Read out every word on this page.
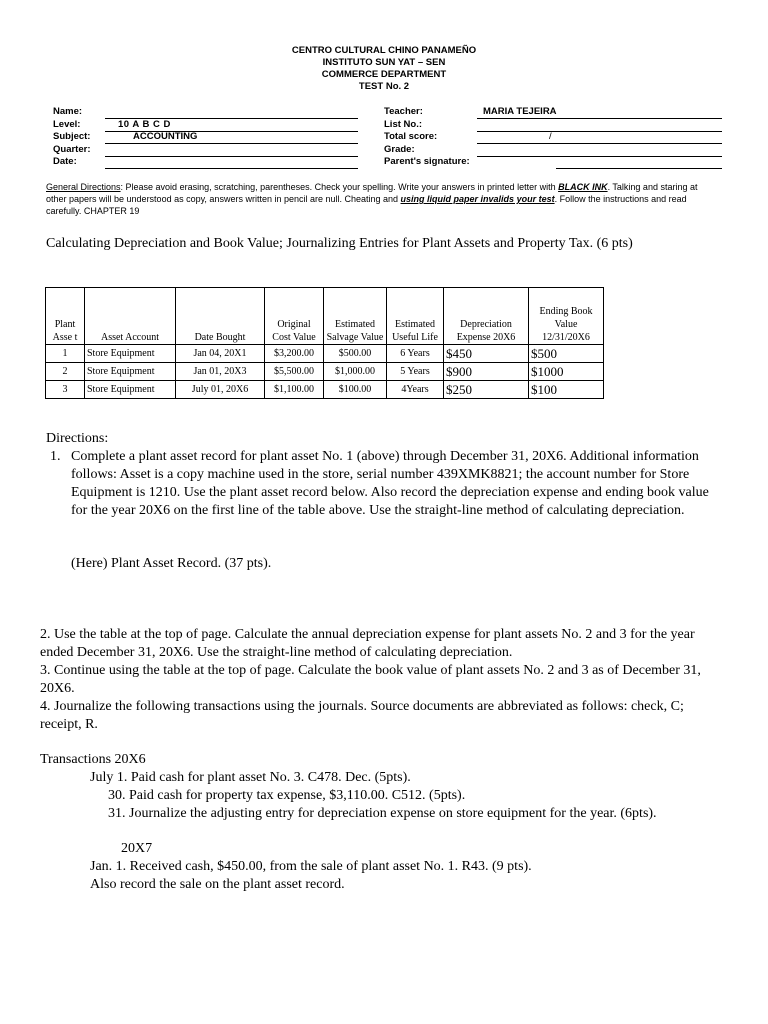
CENTRO CULTURAL CHINO PANAMEÑO
INSTITUTO SUN YAT – SEN
COMMERCE DEPARTMENT
TEST No. 2
Name:
Level:	10 A B C D
Subject:	ACCOUNTING
Quarter:
Date:
Teacher:	MARIA TEJEIRA
List No.:
Total score:	/
Grade:
Parent's signature:
General Directions: Please avoid erasing, scratching, parentheses. Check your spelling. Write your answers in printed letter with BLACK INK. Talking and staring at other papers will be understood as copy, answers written in pencil are null. Cheating and using liquid paper invalids your test. Follow the instructions and read carefully. CHAPTER 19
Calculating Depreciation and Book Value; Journalizing Entries for Plant Assets and Property Tax. (6 pts)
Plant Asse t	Asset Account	Date Bought	Original Cost Value	Estimated Salvage Value	Estimated Useful Life	Depreciation Expense 20X6	Ending Book Value 12/31/20X6
1	Store Equipment	Jan 04, 20X1	$3,200.00	$500.00	6 Years	$450	$500
2	Store Equipment	Jan 01, 20X3	$5,500.00	$1,000.00	5 Years	$900	$1000
3	Store Equipment	July 01, 20X6	$1,100.00	$100.00	4Years	$250	$100
Directions:
1. Complete a plant asset record for plant asset No. 1 (above) through December 31, 20X6. Additional information follows: Asset is a copy machine used in the store, serial number 439XMK8821; the account number for Store Equipment is 1210. Use the plant asset record below. Also record the depreciation expense and ending book value for the year 20X6 on the first line of the table above. Use the straight-line method of calculating depreciation.
(Here) Plant Asset Record. (37 pts).
2. Use the table at the top of page. Calculate the annual depreciation expense for plant assets No. 2 and 3 for the year ended December 31, 20X6. Use the straight-line method of calculating depreciation.
3. Continue using the table at the top of page. Calculate the book value of plant assets No. 2 and 3 as of December 31, 20X6.
4. Journalize the following transactions using the journals. Source documents are abbreviated as follows: check, C; receipt, R.
Transactions 20X6
July 1. Paid cash for plant asset No. 3. C478. Dec. (5pts).
30. Paid cash for property tax expense, $3,110.00. C512. (5pts).
31. Journalize the adjusting entry for depreciation expense on store equipment for the year. (6pts).
20X7
Jan. 1. Received cash, $450.00, from the sale of plant asset No. 1. R43. (9 pts).
Also record the sale on the plant asset record.
